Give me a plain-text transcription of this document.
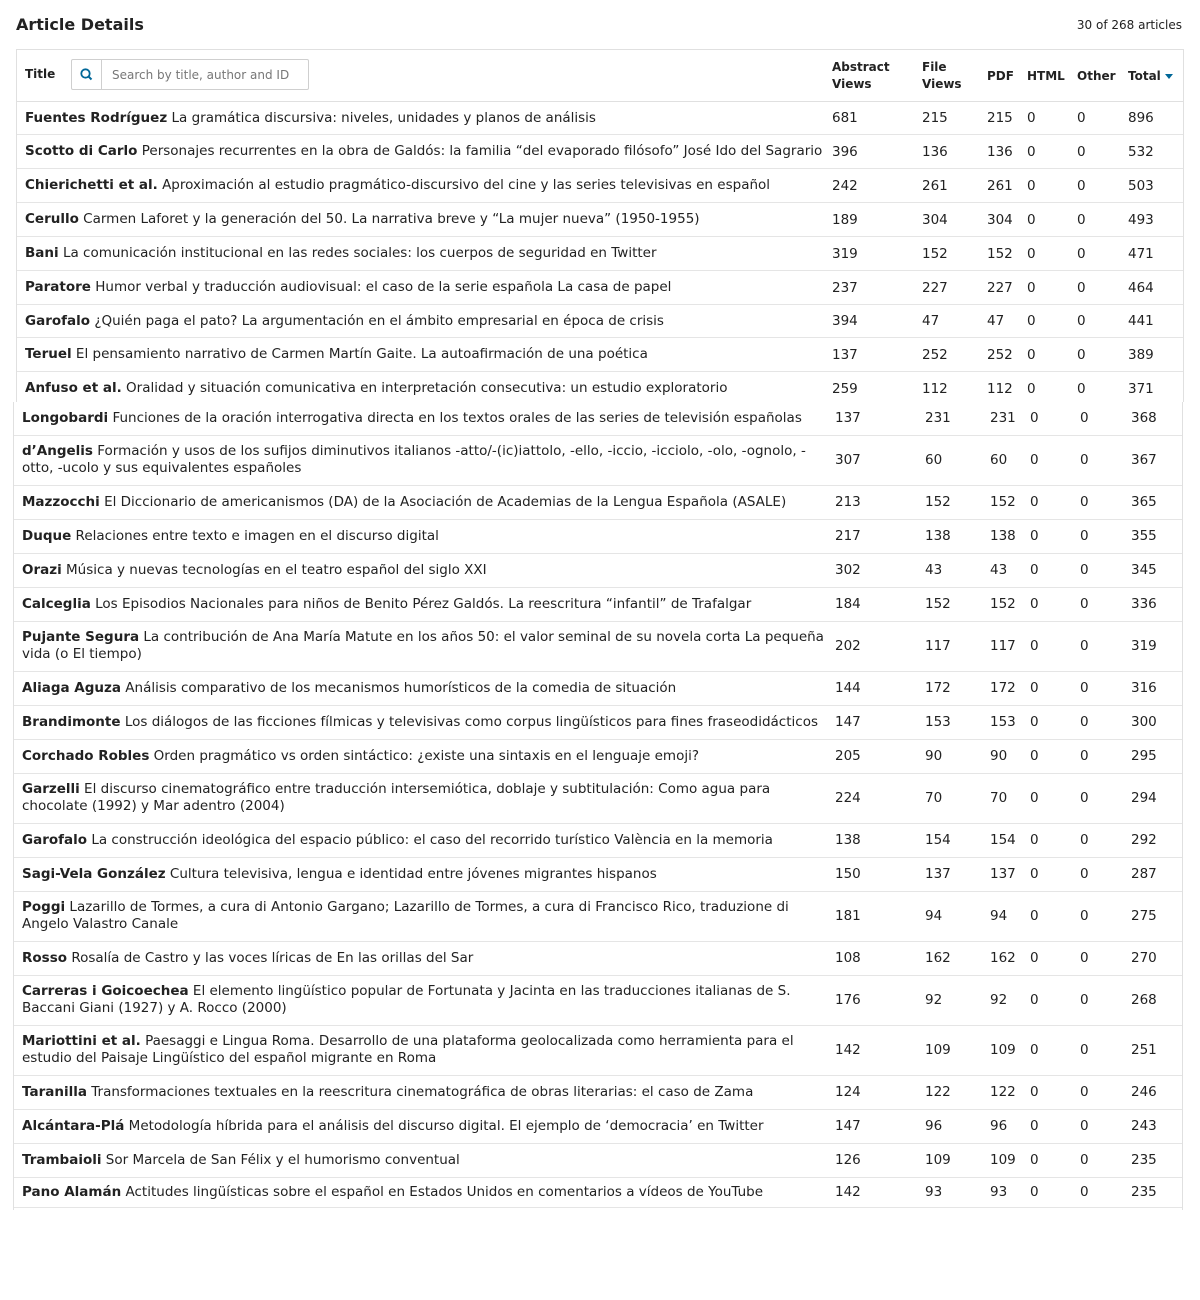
Article Details	30 of 268 articles
Title
Search by title, author and ID	Abstract Views	File Views	PDF	HTML	Other	Total
Fuentes Rodríguez La gramática discursiva: niveles, unidades y planos de análisis	681	215	215	0	0	896
Scotto di Carlo Personajes recurrentes en la obra de Galdós: la familia “del evaporado filósofo” José Ido del Sagrario	396	136	136	0	0	532
Chierichetti et al. Aproximación al estudio pragmático-discursivo del cine y las series televisivas en español	242	261	261	0	0	503
Cerullo Carmen Laforet y la generación del 50. La narrativa breve y “La mujer nueva” (1950-1955)	189	304	304	0	0	493
Bani La comunicación institucional en las redes sociales: los cuerpos de seguridad en Twitter	319	152	152	0	0	471
Paratore Humor verbal y traducción audiovisual: el caso de la serie española La casa de papel	237	227	227	0	0	464
Garofalo ¿Quién paga el pato? La argumentación en el ámbito empresarial en época de crisis	394	47	47	0	0	441
Teruel El pensamiento narrativo de Carmen Martín Gaite. La autoafirmación de una poética	137	252	252	0	0	389
Anfuso et al. Oralidad y situación comunicativa en interpretación consecutiva: un estudio exploratorio	259	112	112	0	0	371
Longobardi Funciones de la oración interrogativa directa en los textos orales de las series de televisión españolas	137	231	231	0	0	368
d’Angelis Formación y usos de los sufijos diminutivos italianos -atto/-(ic)iattolo, -ello, -iccio, -icciolo, -olo, -ognolo, -otto, -ucolo y sus equivalentes españoles	307	60	60	0	0	367
Mazzocchi El Diccionario de americanismos (DA) de la Asociación de Academias de la Lengua Española (ASALE)	213	152	152	0	0	365
Duque Relaciones entre texto e imagen en el discurso digital	217	138	138	0	0	355
Orazi Música y nuevas tecnologías en el teatro español del siglo XXI	302	43	43	0	0	345
Calceglia Los Episodios Nacionales para niños de Benito Pérez Galdós. La reescritura “infantil” de Trafalgar	184	152	152	0	0	336
Pujante Segura La contribución de Ana María Matute en los años 50: el valor seminal de su novela corta La pequeña vida (o El tiempo)	202	117	117	0	0	319
Aliaga Aguza Análisis comparativo de los mecanismos humorísticos de la comedia de situación	144	172	172	0	0	316
Brandimonte Los diálogos de las ficciones fílmicas y televisivas como corpus lingüísticos para fines fraseodidácticos	147	153	153	0	0	300
Corchado Robles Orden pragmático vs orden sintáctico: ¿existe una sintaxis en el lenguaje emoji?	205	90	90	0	0	295
Garzelli El discurso cinematográfico entre traducción intersemiótica, doblaje y subtitulación: Como agua para chocolate (1992) y Mar adentro (2004)	224	70	70	0	0	294
Garofalo La construcción ideológica del espacio público: el caso del recorrido turístico València en la memoria	138	154	154	0	0	292
Sagi-Vela González Cultura televisiva, lengua e identidad entre jóvenes migrantes hispanos	150	137	137	0	0	287
Poggi Lazarillo de Tormes, a cura di Antonio Gargano; Lazarillo de Tormes, a cura di Francisco Rico, traduzione di Angelo Valastro Canale	181	94	94	0	0	275
Rosso Rosalía de Castro y las voces líricas de En las orillas del Sar	108	162	162	0	0	270
Carreras i Goicoechea El elemento lingüístico popular de Fortunata y Jacinta en las traducciones italianas de S. Baccani Giani (1927) y A. Rocco (2000)	176	92	92	0	0	268
Mariottini et al. Paesaggi e Lingua Roma. Desarrollo de una plataforma geolocalizada como herramienta para el estudio del Paisaje Lingüístico del español migrante en Roma	142	109	109	0	0	251
Taranilla Transformaciones textuales en la reescritura cinematográfica de obras literarias: el caso de Zama	124	122	122	0	0	246
Alcántara-Plá Metodología híbrida para el análisis del discurso digital. El ejemplo de ‘democracia’ en Twitter	147	96	96	0	0	243
Trambaioli Sor Marcela de San Félix y el humorismo conventual	126	109	109	0	0	235
Pano Alamán Actitudes lingüísticas sobre el español en Estados Unidos en comentarios a vídeos de YouTube	142	93	93	0	0	235
